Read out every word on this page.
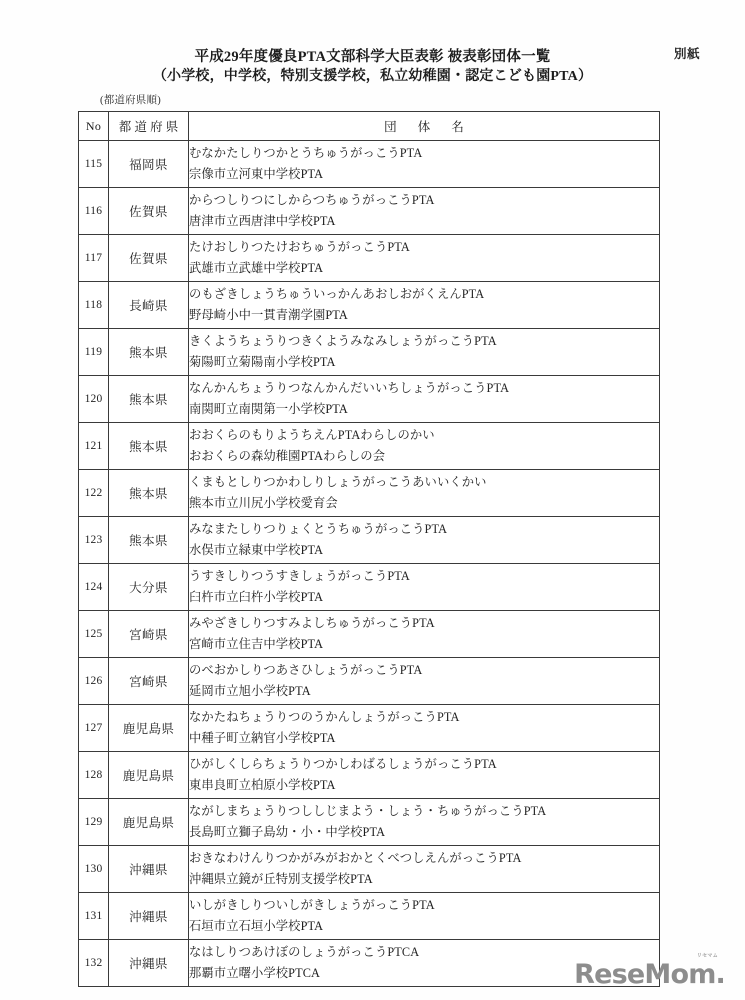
別紙
平成29年度優良PTA文部科学大臣表彰 被表彰団体一覧
（小学校，中学校，特別支援学校，私立幼稚園・認定こども園PTA）
(都道府県順)
No	都道府県	団 体 名
115	福岡県	むなかたしりつかとうちゅうがっこうPTA
宗像市立河東中学校PTA

116	佐賀県	からつしりつにしからつちゅうがっこうPTA
唐津市立西唐津中学校PTA

117	佐賀県	たけおしりつたけおちゅうがっこうPTA
武雄市立武雄中学校PTA

118	長崎県	のもざきしょうちゅういっかんあおしおがくえんPTA
野母崎小中一貫青潮学園PTA

119	熊本県	きくようちょうりつきくようみなみしょうがっこうPTA
菊陽町立菊陽南小学校PTA

120	熊本県	なんかんちょうりつなんかんだいいちしょうがっこうPTA
南関町立南関第一小学校PTA

121	熊本県	おおくらのもりようちえんPTAわらしのかい
おおくらの森幼稚園PTAわらしの会

122	熊本県	くまもとしりつかわしりしょうがっこうあいいくかい
熊本市立川尻小学校愛育会

123	熊本県	みなまたしりつりょくとうちゅうがっこうPTA
水俣市立緑東中学校PTA

124	大分県	うすきしりつうすきしょうがっこうPTA
臼杵市立臼杵小学校PTA

125	宮崎県	みやざきしりつすみよしちゅうがっこうPTA
宮崎市立住吉中学校PTA

126	宮崎県	のべおかしりつあさひしょうがっこうPTA
延岡市立旭小学校PTA

127	鹿児島県	なかたねちょうりつのうかんしょうがっこうPTA
中種子町立納官小学校PTA

128	鹿児島県	ひがしくしらちょうりつかしわばるしょうがっこうPTA
東串良町立柏原小学校PTA

129	鹿児島県	ながしまちょうりつししじまよう・しょう・ちゅうがっこうPTA
長島町立獅子島幼・小・中学校PTA

130	沖縄県	おきなわけんりつかがみがおかとくべつしえんがっこうPTA
沖縄県立鏡が丘特別支援学校PTA

131	沖縄県	いしがきしりついしがきしょうがっこうPTA
石垣市立石垣小学校PTA

132	沖縄県	なはしりつあけぼのしょうがっこうPTCA
那覇市立曙小学校PTCA
リセマム
ReseMom.
